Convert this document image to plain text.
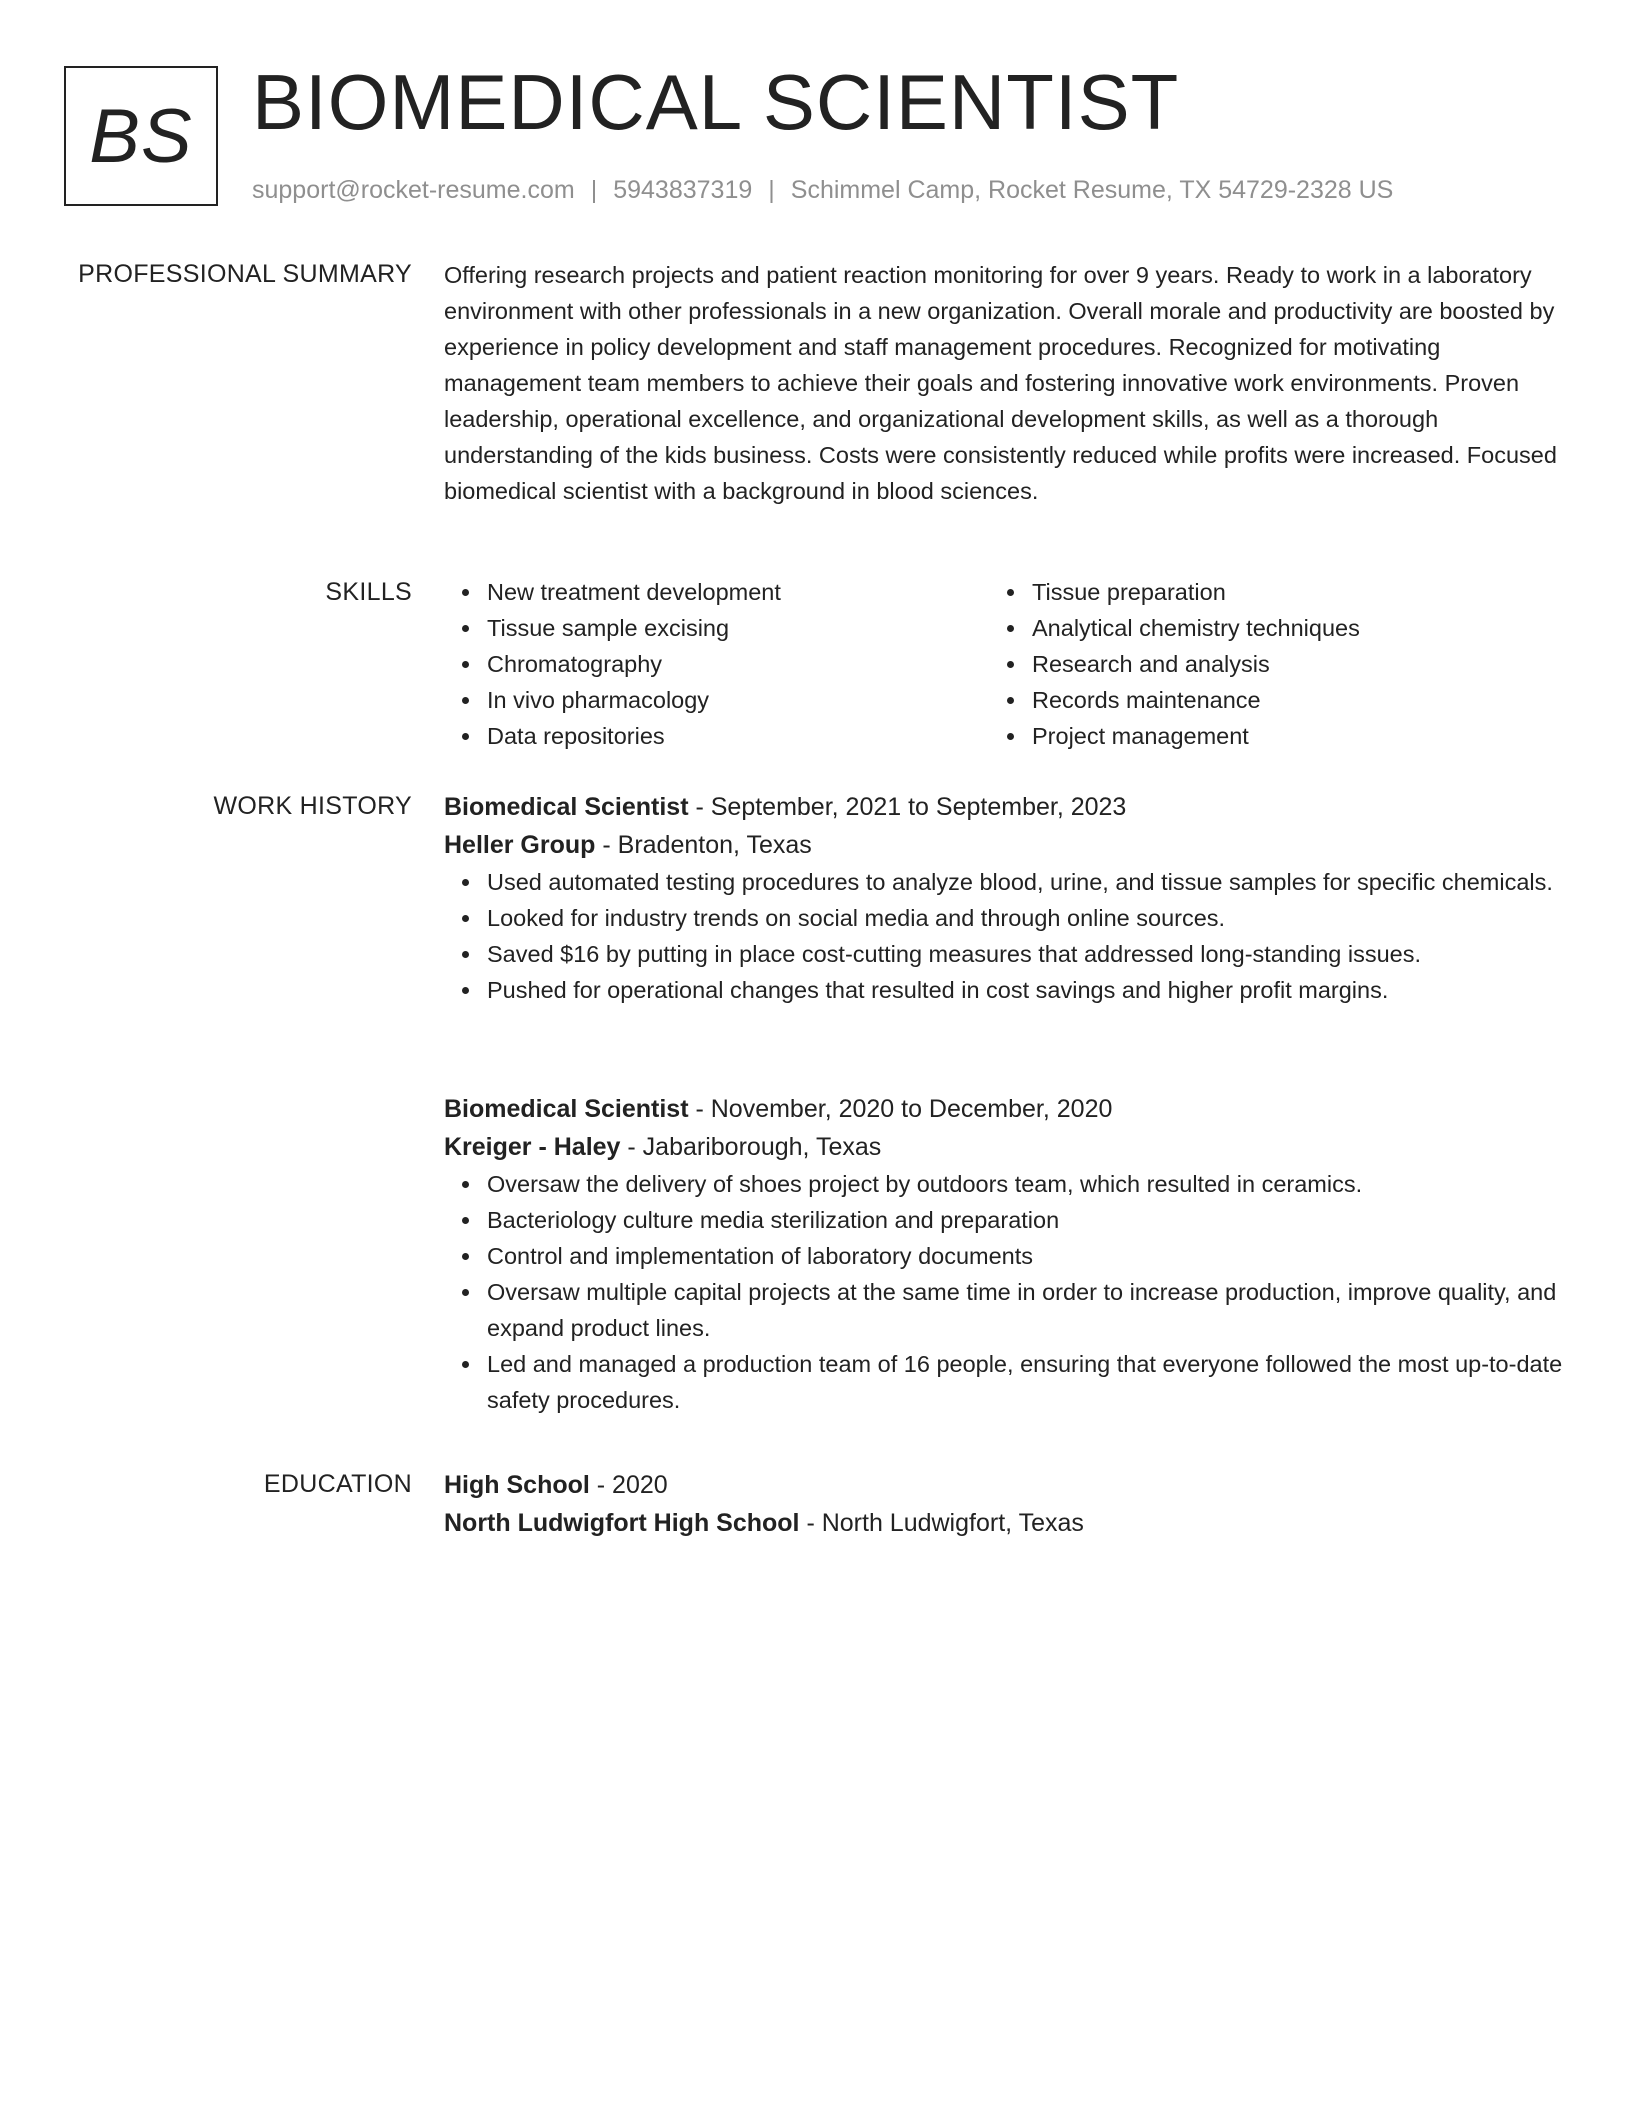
BS BIOMEDICAL SCIENTIST
support@rocket-resume.com | 5943837319 | Schimmel Camp, Rocket Resume, TX 54729-2328 US
PROFESSIONAL SUMMARY Offering research projects and patient reaction monitoring for over 9 years. Ready to work in a laboratory environment with other professionals in a new organization. Overall morale and productivity are boosted by experience in policy development and staff management procedures. Recognized for motivating management team members to achieve their goals and fostering innovative work environments. Proven leadership, operational excellence, and organizational development skills, as well as a thorough understanding of the kids business. Costs were consistently reduced while profits were increased. Focused biomedical scientist with a background in blood sciences.

SKILLS	New treatment development
Tissue sample excising
Chromatography
In vivo pharmacology
Data repositories
Tissue preparation
Analytical chemistry techniques
Research and analysis
Records maintenance
Project management
WORK HISTORY Biomedical Scientist - September, 2021 to September, 2023
Heller Group - Bradenton, Texas
Used automated testing procedures to analyze blood, urine, and tissue samples for specific chemicals.
Looked for industry trends on social media and through online sources.
Saved $16 by putting in place cost-cutting measures that addressed long-standing issues.
Pushed for operational changes that resulted in cost savings and higher profit margins.
Biomedical Scientist - November, 2020 to December, 2020
Kreiger - Haley - Jabariborough, Texas
Oversaw the delivery of shoes project by outdoors team, which resulted in ceramics.
Bacteriology culture media sterilization and preparation
Control and implementation of laboratory documents
Oversaw multiple capital projects at the same time in order to increase production, improve quality, and expand product lines.
Led and managed a production team of 16 people, ensuring that everyone followed the most up-to-date safety procedures.
EDUCATION High School - 2020
North Ludwigfort High School - North Ludwigfort, Texas
